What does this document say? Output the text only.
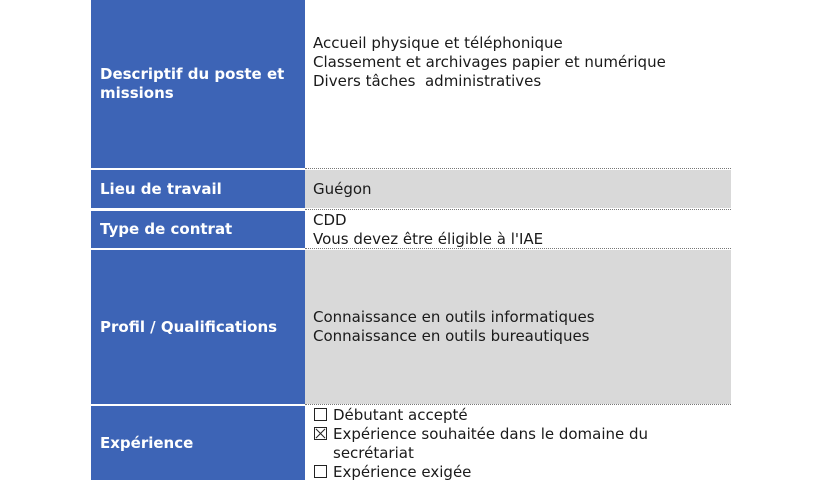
Descriptif du poste et missions
Accueil physique et téléphonique
Classement et archivages papier et numérique
Divers tâches  administratives
Lieu de travail	Guégon
Type de contrat	CDD
Vous devez être éligible à l'IAE
Profil / Qualifications
Connaissance en outils informatiques
Connaissance en outils bureautiques
Expérience
Débutant accepté
Expérience souhaitée dans le domaine du secrétariat
Expérience exigée
